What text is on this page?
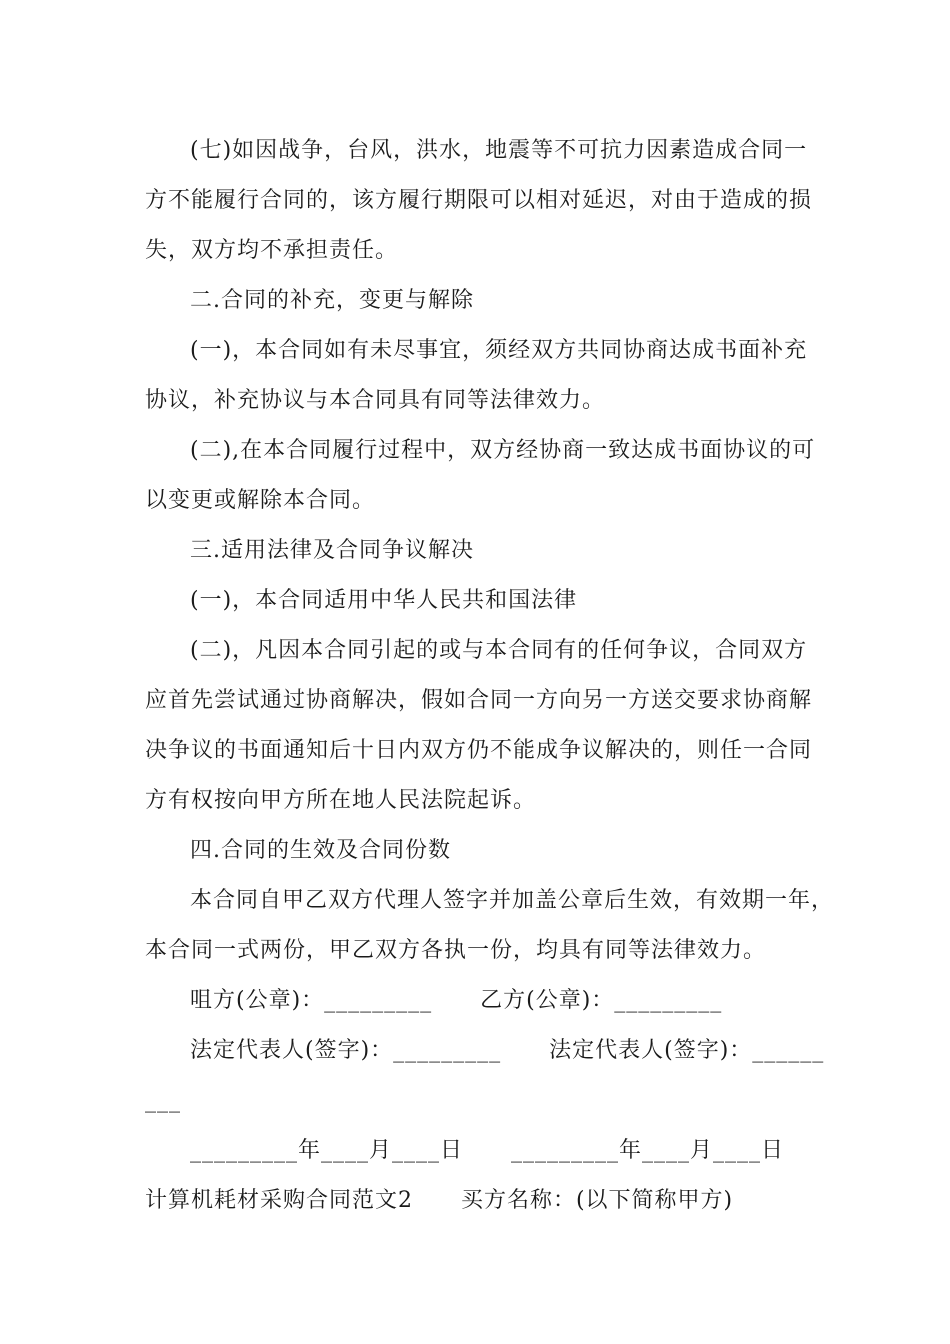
(七)如因战争，台风，洪水，地震等不可抗力因素造成合同一
方不能履行合同的，该方履行期限可以相对延迟，对由于造成的损
失，双方均不承担责任。
二.合同的补充，变更与解除
(一)，本合同如有未尽事宜，须经双方共同协商达成书面补充
协议，补充协议与本合同具有同等法律效力。
(二),在本合同履行过程中，双方经协商一致达成书面协议的可
以变更或解除本合同。
三.适用法律及合同争议解决
(一)，本合同适用中华人民共和国法律
(二)，凡因本合同引起的或与本合同有的任何争议，合同双方
应首先尝试通过协商解决，假如合同一方向另一方送交要求协商解
决争议的书面通知后十日内双方仍不能成争议解决的，则任一合同
方有权按向甲方所在地人民法院起诉。
四.合同的生效及合同份数
本合同自甲乙双方代理人签字并加盖公章后生效，有效期一年，
本合同一式两份，甲乙双方各执一份，均具有同等法律效力。
咀方(公章)：_________      乙方(公章)：_________
法定代表人(签字)：_________      法定代表人(签字)：______
___
_________年____月____日      _________年____月____日
计算机耗材采购合同范文2      买方名称：(以下简称甲方)
